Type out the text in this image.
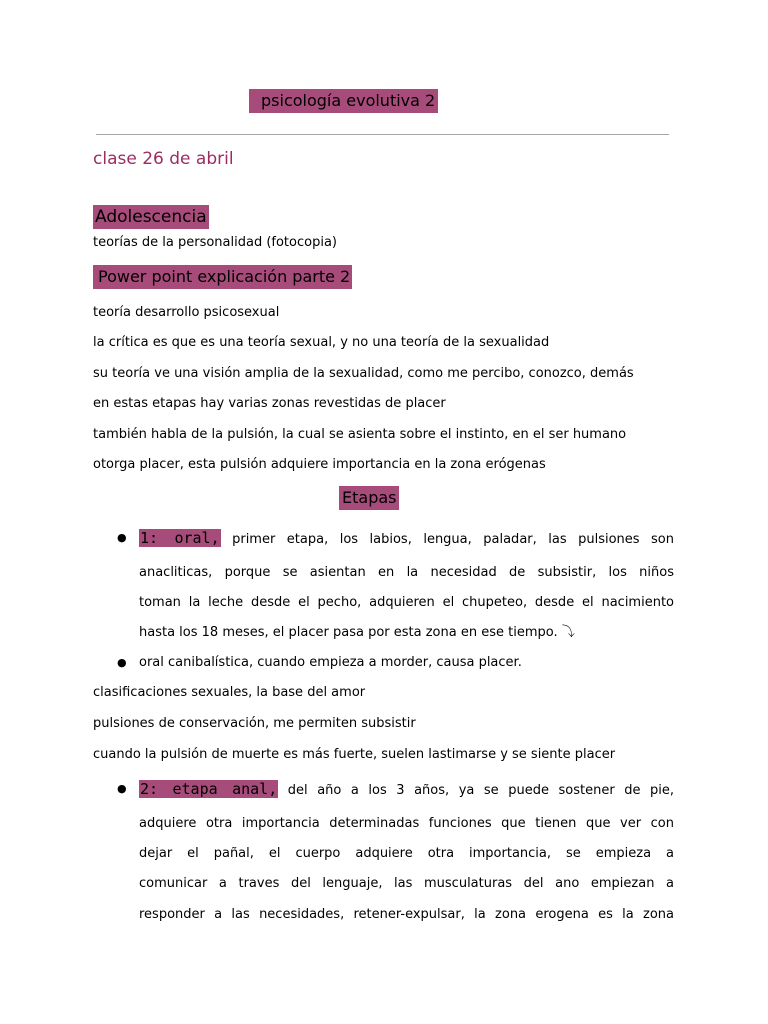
psicología evolutiva 2
clase 26 de abril
Adolescencia
teorías de la personalidad (fotocopia)
Power point explicación parte 2
teoría desarrollo psicosexual
la crítica es que es una teoría sexual, y no una teoría de la sexualidad
su teoría ve una visión amplia de la sexualidad, como me percibo, conozco, demás
en estas etapas hay varias zonas revestidas de placer
también habla de la pulsión, la cual se asienta sobre el instinto, en el ser humano
otorga placer, esta pulsión adquiere importancia en la zona erógenas
Etapas
● 1: oral, primer etapa, los labios, lengua, paladar, las pulsiones son
anacliticas, porque se asientan en la necesidad de subsistir, los niños
toman la leche desde el pecho, adquieren el chupeteo, desde el nacimiento
hasta los 18 meses, el placer pasa por esta zona en ese tiempo. ⤵
● oral canibalística, cuando empieza a morder, causa placer.
clasificaciones sexuales, la base del amor
pulsiones de conservación, me permiten subsistir
cuando la pulsión de muerte es más fuerte, suelen lastimarse y se siente placer
● 2: etapa anal, del año a los 3 años, ya se puede sostener de pie,
adquiere otra importancia determinadas funciones que tienen que ver con
dejar el pañal, el cuerpo adquiere otra importancia, se empieza a
comunicar a traves del lenguaje, las musculaturas del ano empiezan a
responder a las necesidades, retener-expulsar, la zona erogena es la zona
